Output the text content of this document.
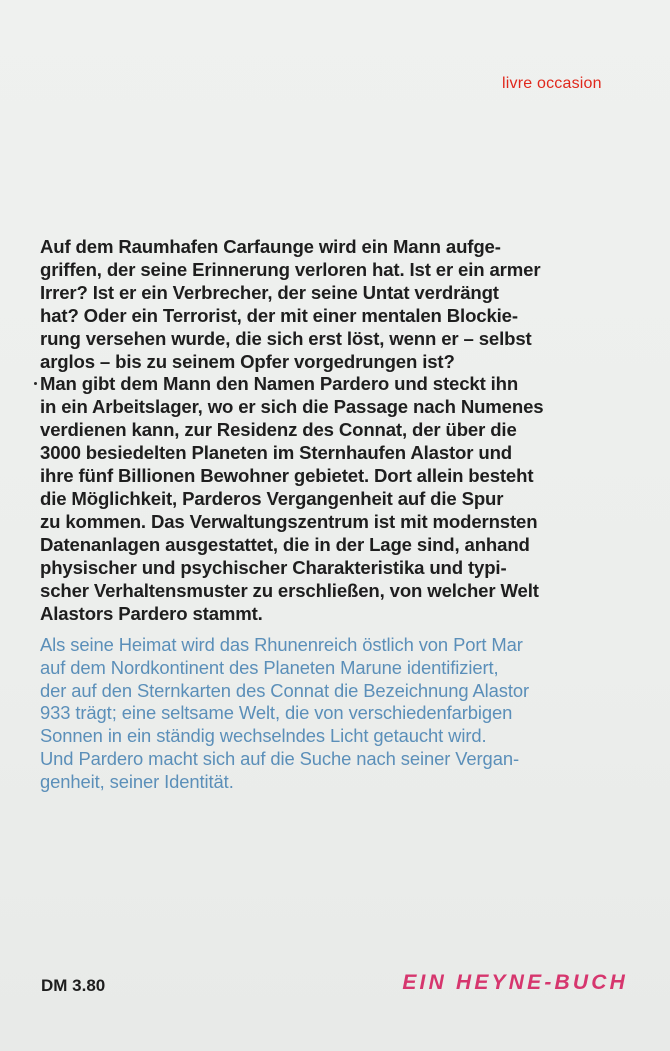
livre occasion
Auf dem Raumhafen Carfaunge wird ein Mann aufge-
griffen, der seine Erinnerung verloren hat. Ist er ein armer
Irrer? Ist er ein Verbrecher, der seine Untat verdrängt
hat? Oder ein Terrorist, der mit einer mentalen Blockie-
rung versehen wurde, die sich erst löst, wenn er – selbst
arglos – bis zu seinem Opfer vorgedrungen ist?
Man gibt dem Mann den Namen Pardero und steckt ihn
in ein Arbeitslager, wo er sich die Passage nach Numenes
verdienen kann, zur Residenz des Connat, der über die
3000 besiedelten Planeten im Sternhaufen Alastor und
ihre fünf Billionen Bewohner gebietet. Dort allein besteht
die Möglichkeit, Parderos Vergangenheit auf die Spur
zu kommen. Das Verwaltungszentrum ist mit modernsten
Datenanlagen ausgestattet, die in der Lage sind, anhand
physischer und psychischer Charakteristika und typi-
scher Verhaltensmuster zu erschließen, von welcher Welt
Alastors Pardero stammt.
Als seine Heimat wird das Rhunenreich östlich von Port Mar
auf dem Nordkontinent des Planeten Marune identifiziert,
der auf den Sternkarten des Connat die Bezeichnung Alastor
933 trägt; eine seltsame Welt, die von verschiedenfarbigen
Sonnen in ein ständig wechselndes Licht getaucht wird.
Und Pardero macht sich auf die Suche nach seiner Vergan-
genheit, seiner Identität.
DM 3.80	EIN HEYNE-BUCH
